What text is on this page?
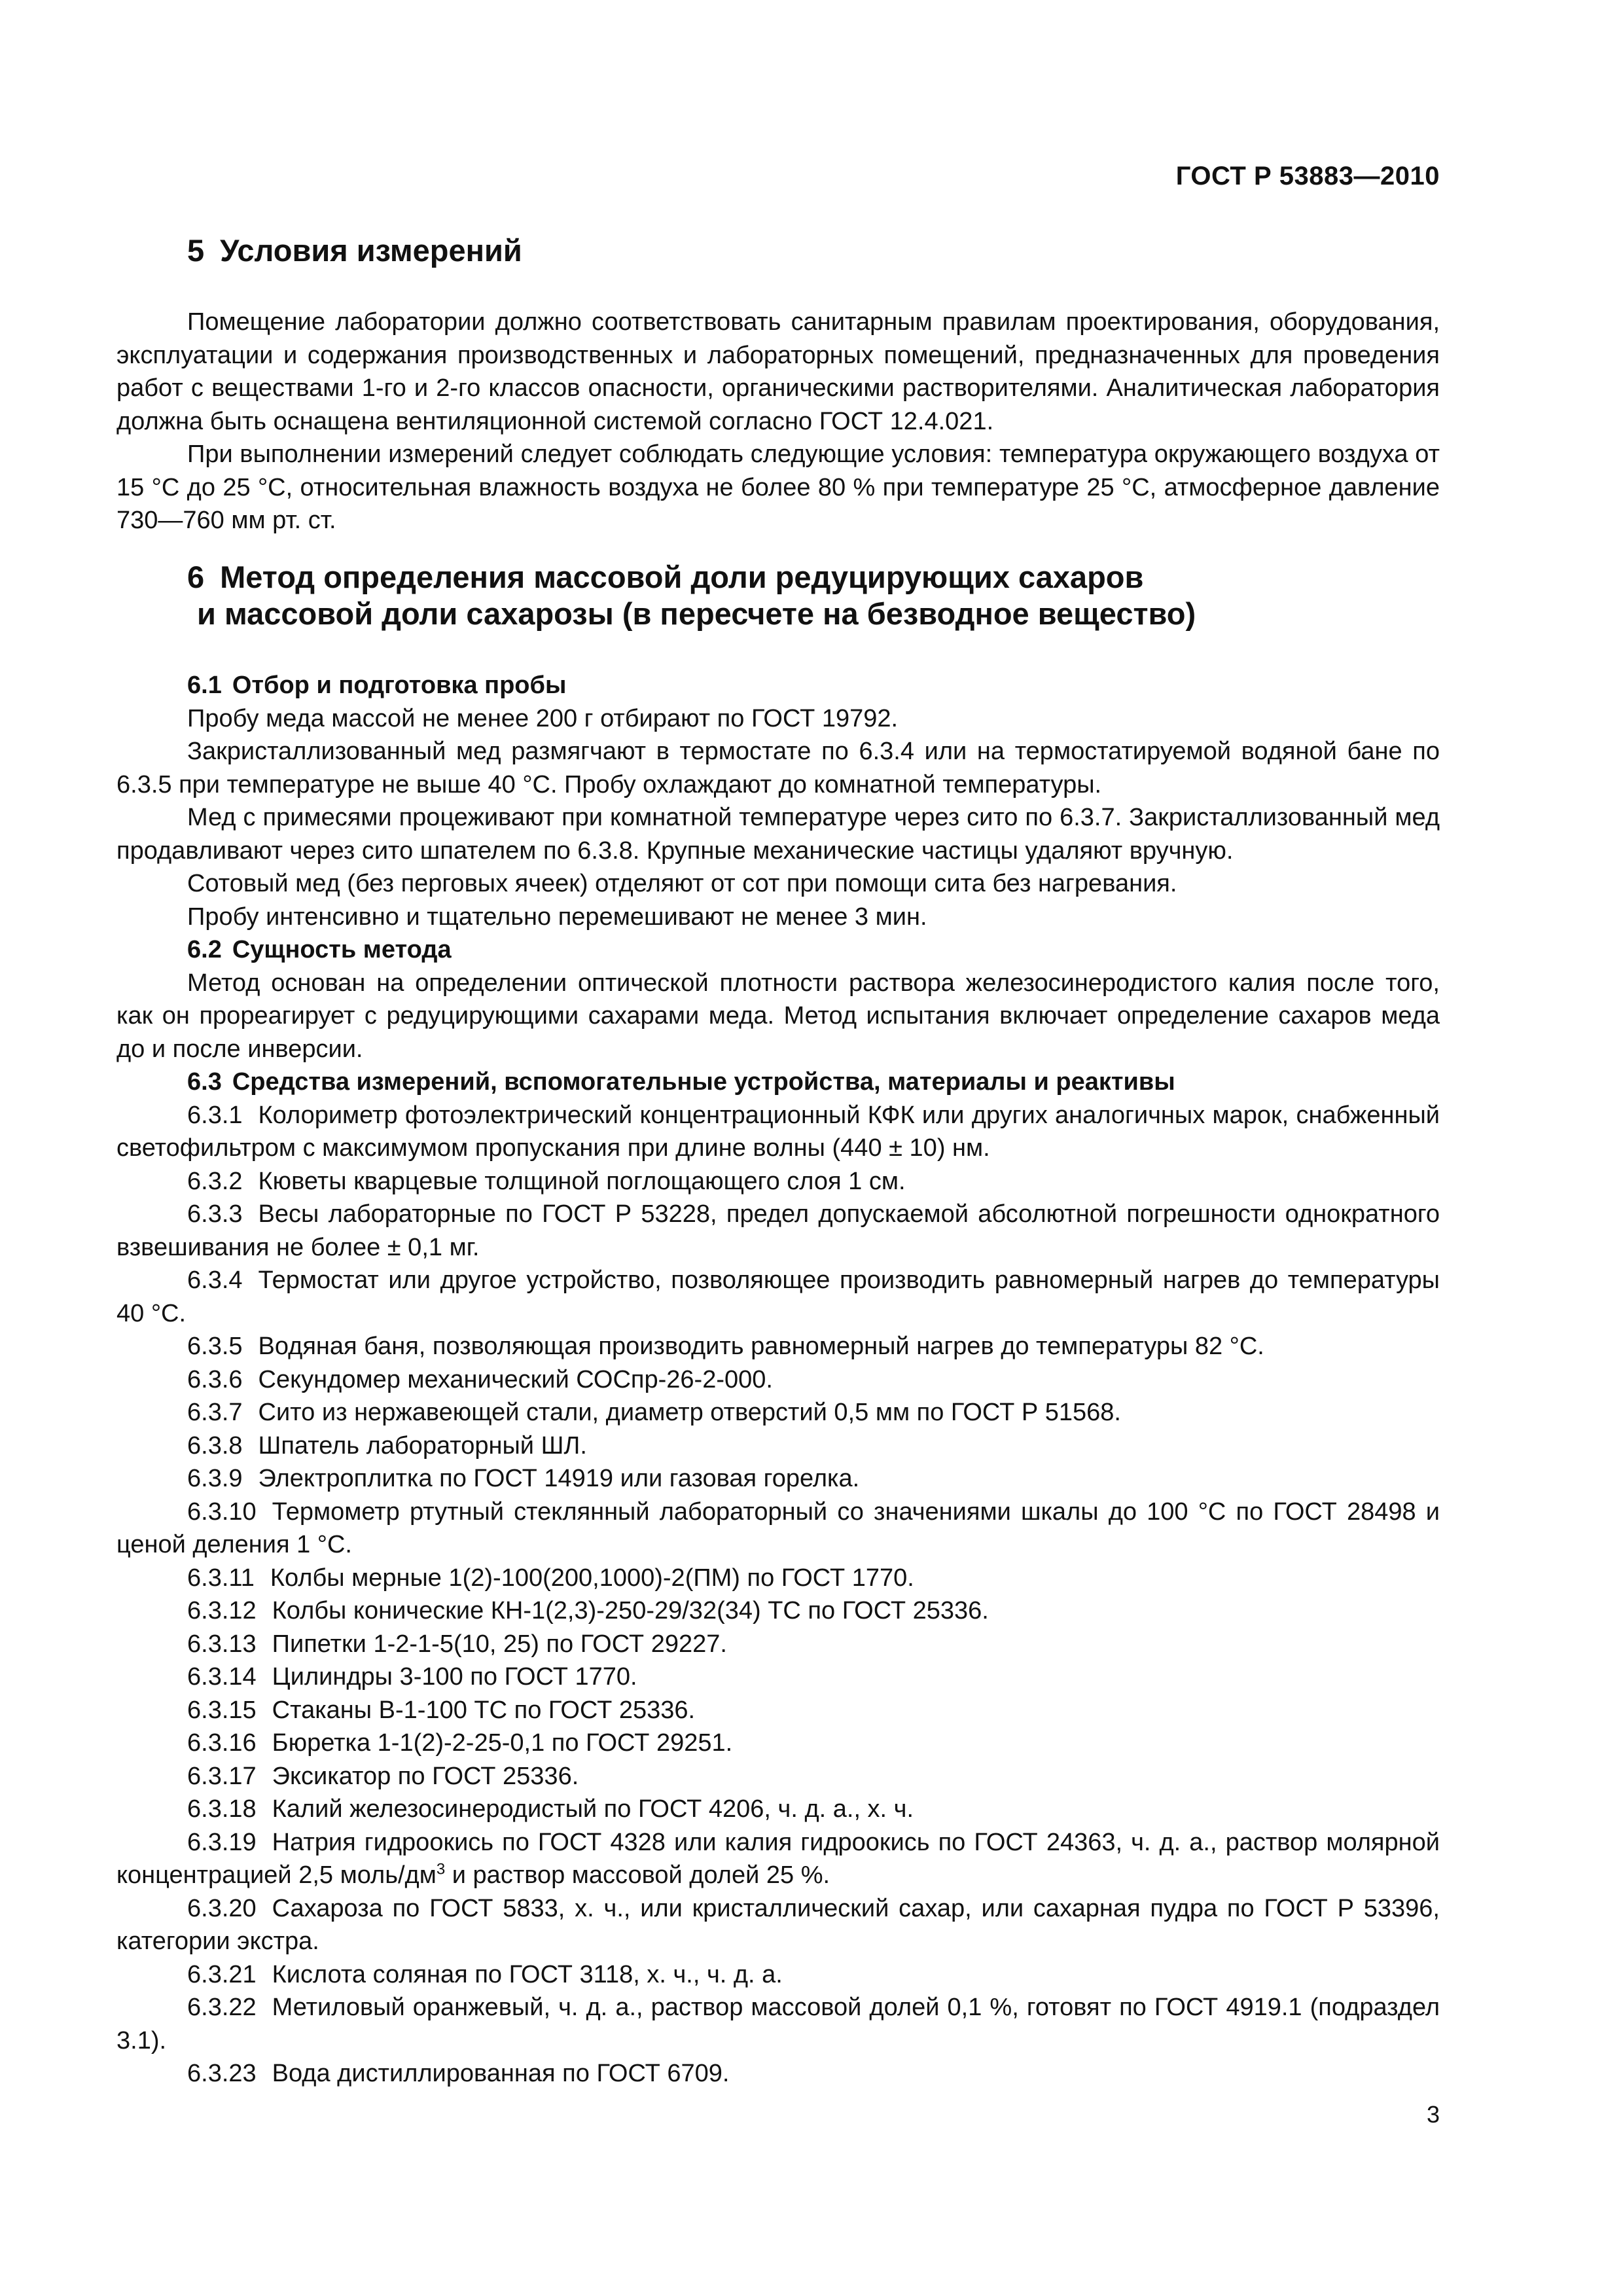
ГОСТ Р 53883—2010
5 Условия измерений

Помещение лаборатории должно соответствовать санитарным правилам проектирования, оборудования, эксплуатации и содержания производственных и лабораторных помещений, предназначенных для проведения работ с веществами 1-го и 2-го классов опасности, органическими растворителями. Аналитическая лаборатория должна быть оснащена вентиляционной системой согласно ГОСТ 12.4.021.

При выполнении измерений следует соблюдать следующие условия: температура окружающего воздуха от 15 °С до 25 °С, относительная влажность воздуха не более 80 % при температуре 25 °С, атмосферное давление 730—760 мм рт. ст.

6 Метод определения массовой доли редуцирующих сахаров
и массовой доли сахарозы (в пересчете на безводное вещество)

6.1 Отбор и подготовка пробы

Пробу меда массой не менее 200 г отбирают по ГОСТ 19792.

Закристаллизованный мед размягчают в термостате по 6.3.4 или на термостатируемой водяной бане по 6.3.5 при температуре не выше 40 °С. Пробу охлаждают до комнатной температуры.

Мед с примесями процеживают при комнатной температуре через сито по 6.3.7. Закристаллизованный мед продавливают через сито шпателем по 6.3.8. Крупные механические частицы удаляют вручную.

Сотовый мед (без перговых ячеек) отделяют от сот при помощи сита без нагревания.

Пробу интенсивно и тщательно перемешивают не менее 3 мин.

6.2 Сущность метода

Метод основан на определении оптической плотности раствора железосинеродистого калия после того, как он прореагирует с редуцирующими сахарами меда. Метод испытания включает определение сахаров меда до и после инверсии.

6.3 Средства измерений, вспомогательные устройства, материалы и реактивы

6.3.1 Колориметр фотоэлектрический концентрационный КФК или других аналогичных марок, снабженный светофильтром с максимумом пропускания при длине волны (440 ± 10) нм.

6.3.2 Кюветы кварцевые толщиной поглощающего слоя 1 см.

6.3.3 Весы лабораторные по ГОСТ Р 53228, предел допускаемой абсолютной погрешности однократного взвешивания не более ± 0,1 мг.

6.3.4 Термостат или другое устройство, позволяющее производить равномерный нагрев до температуры 40 °С.

6.3.5 Водяная баня, позволяющая производить равномерный нагрев до температуры 82 °С.

6.3.6 Секундомер механический СОСпр-26-2-000.

6.3.7 Сито из нержавеющей стали, диаметр отверстий 0,5 мм по ГОСТ Р 51568.

6.3.8 Шпатель лабораторный ШЛ.

6.3.9 Электроплитка по ГОСТ 14919 или газовая горелка.

6.3.10 Термометр ртутный стеклянный лабораторный со значениями шкалы до 100 °С по ГОСТ 28498 и ценой деления 1 °С.

6.3.11 Колбы мерные 1(2)-100(200,1000)-2(ПМ) по ГОСТ 1770.

6.3.12 Колбы конические КН-1(2,3)-250-29/32(34) ТС по ГОСТ 25336.

6.3.13 Пипетки 1-2-1-5(10, 25) по ГОСТ 29227.

6.3.14 Цилиндры 3-100 по ГОСТ 1770.

6.3.15 Стаканы В-1-100 ТС по ГОСТ 25336.

6.3.16 Бюретка 1-1(2)-2-25-0,1 по ГОСТ 29251.

6.3.17 Эксикатор по ГОСТ 25336.

6.3.18 Калий железосинеродистый по ГОСТ 4206, ч. д. а., х. ч.

6.3.19 Натрия гидроокись по ГОСТ 4328 или калия гидроокись по ГОСТ 24363, ч. д. а., раствор молярной концентрацией 2,5 моль/$дм^3$ и раствор массовой долей 25 %.

6.3.20 Сахароза по ГОСТ 5833, х. ч., или кристаллический сахар, или сахарная пудра по ГОСТ Р 53396, категории экстра.

6.3.21 Кислота соляная по ГОСТ 3118, х. ч., ч. д. а.

6.3.22 Метиловый оранжевый, ч. д. а., раствор массовой долей 0,1 %, готовят по ГОСТ 4919.1 (подраздел 3.1).

6.3.23 Вода дистиллированная по ГОСТ 6709.

3
